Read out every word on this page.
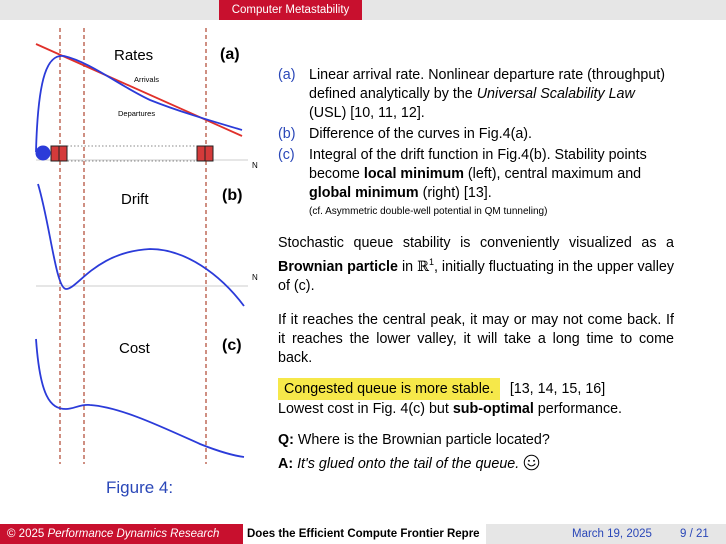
Computer Metastability
Rates	(a)
Arrivals
Departures
N
Drift	(b)
N
Cost	(c)
Figure 4:
(a) Linear arrival rate. Nonlinear departure rate (throughput) defined analytically by the Universal Scalability Law (USL) [10, 11, 12].
(b) Difference of the curves in Fig.4(a).
(c)	Integral of the drift function in Fig.4(b). Stability points become local minimum (left), central maximum and global minimum (right) [13].
(cf. Asymmetric double-well potential in QM tunneling)
Stochastic queue stability is conveniently visualized as a Brownian particle in ℝ$^1$, initially fluctuating in the upper valley of (c).
If it reaches the central peak, it may or may not come back. If it reaches the lower valley, it will take a long time to come back.
Congested queue is more stable. [13, 14, 15, 16]
Lowest cost in Fig. 4(c) but sub-optimal performance.
Q: Where is the Brownian particle located?
A: It's glued onto the tail of the queue.
© 2025 Performance Dynamics Research	Does the Efficient Compute Frontier Repre	March 19, 2025 9 / 21
